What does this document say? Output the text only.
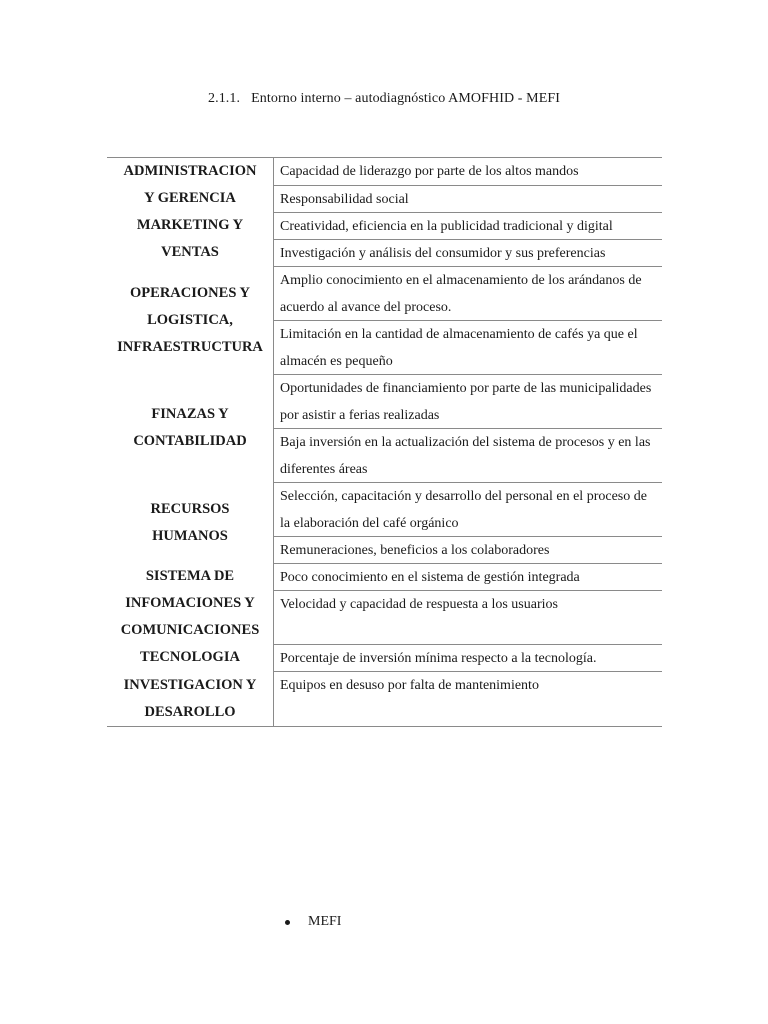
2.1.1. Entorno interno – autodiagnóstico AMOFHID - MEFI
ADMINISTRACION
Y GERENCIA
Capacidad de liderazgo por parte de los altos mandos
Responsabilidad social
MARKETING Y
VENTAS
Creatividad, eficiencia en la publicidad tradicional y digital
Investigación y análisis del consumidor y sus preferencias
OPERACIONES Y
LOGISTICA,
INFRAESTRUCTURA
Amplio conocimiento en el almacenamiento de los arándanos de acuerdo al avance del proceso.
Limitación en la cantidad de almacenamiento de cafés ya que el almacén es pequeño
FINAZAS Y
CONTABILIDAD
Oportunidades de financiamiento por parte de las municipalidades por asistir a ferias realizadas
Baja inversión en la actualización del sistema de procesos y en las diferentes áreas
RECURSOS
HUMANOS
Selección, capacitación y desarrollo del personal en el proceso de la elaboración del café orgánico
Remuneraciones, beneficios a los colaboradores
SISTEMA DE
INFOMACIONES Y
COMUNICACIONES
Poco conocimiento en el sistema de gestión integrada
Velocidad y capacidad de respuesta a los usuarios
TECNOLOGIA	Porcentaje de inversión mínima respecto a la tecnología.
INVESTIGACION Y
DESAROLLO
Equipos en desuso por falta de mantenimiento
MEFI
